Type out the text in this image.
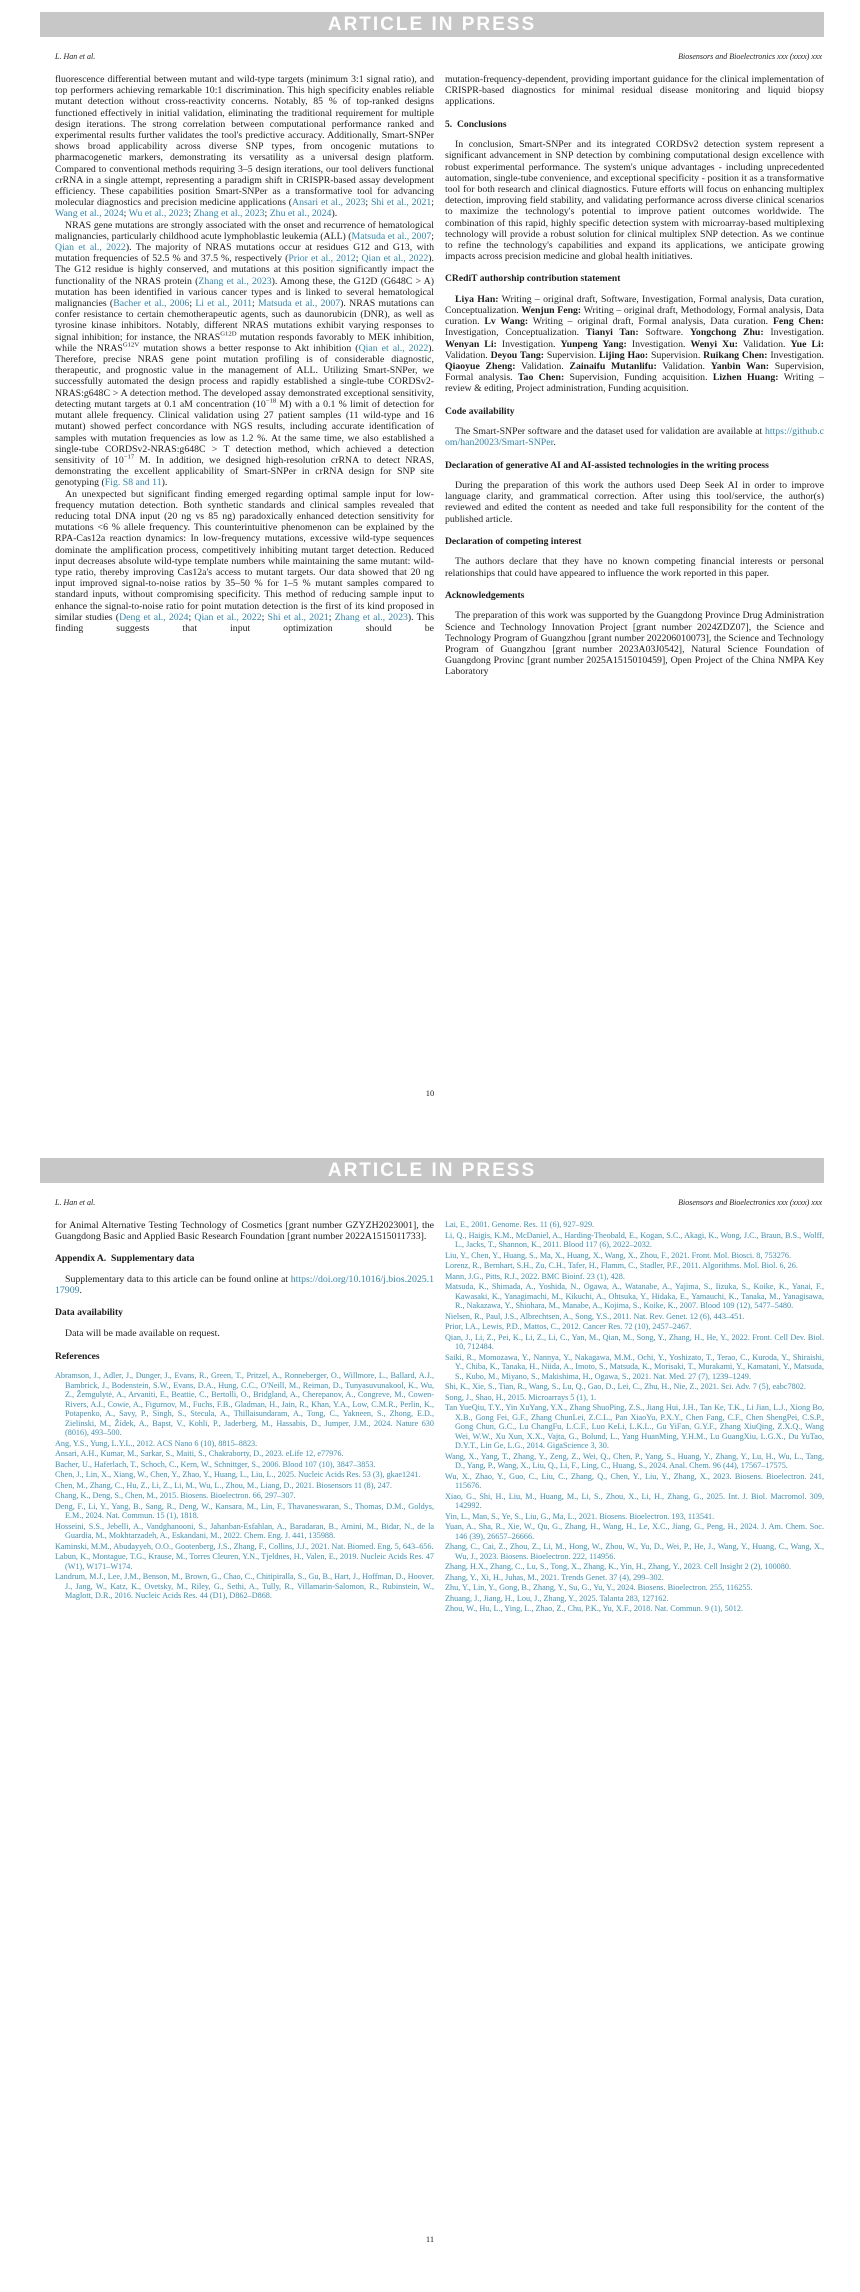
ARTICLE IN PRESS
L. Han et al.	Biosensors and Bioelectronics xxx (xxxx) xxx

fluorescence differential between mutant and wild-type targets (minimum 3:1 signal ratio), and top performers achieving remarkable 10:1 discrimination. This high specificity enables reliable mutant detection without cross-reactivity concerns. Notably, 85 % of top-ranked designs functioned effectively in initial validation, eliminating the traditional requirement for multiple design iterations. The strong correlation between computational performance ranked and experimental results further validates the tool's predictive accuracy. Additionally, Smart-SNPer shows broad applicability across diverse SNP types, from oncogenic mutations to pharmacogenetic markers, demonstrating its versatility as a universal design platform. Compared to conventional methods requiring 3–5 design iterations, our tool delivers functional crRNA in a single attempt, representing a paradigm shift in CRISPR-based assay development efficiency. These capabilities position Smart-SNPer as a transformative tool for advancing molecular diagnostics and precision medicine applications (Ansari et al., 2023; Shi et al., 2021; Wang et al., 2024; Wu et al., 2023; Zhang et al., 2023; Zhu et al., 2024).

NRAS gene mutations are strongly associated with the onset and recurrence of hematological malignancies, particularly childhood acute lymphoblastic leukemia (ALL) (Matsuda et al., 2007; Qian et al., 2022). The majority of NRAS mutations occur at residues G12 and G13, with mutation frequencies of 52.5 % and 37.5 %, respectively (Prior et al., 2012; Qian et al., 2022). The G12 residue is highly conserved, and mutations at this position significantly impact the functionality of the NRAS protein (Zhang et al., 2023). Among these, the G12D (G648C > A) mutation has been identified in various cancer types and is linked to several hematological malignancies (Bacher et al., 2006; Li et al., 2011; Matsuda et al., 2007). NRAS mutations can confer resistance to certain chemotherapeutic agents, such as daunorubicin (DNR), as well as tyrosine kinase inhibitors. Notably, different NRAS mutations exhibit varying responses to signal inhibition; for instance, the $NRAS^{G12D}$ mutation responds favorably to MEK inhibition, while the $NRAS^{G12V}$ mutation shows a better response to Akt inhibition (Qian et al., 2022). Therefore, precise NRAS gene point mutation profiling is of considerable diagnostic, therapeutic, and prognostic value in the management of ALL. Utilizing Smart-SNPer, we successfully automated the design process and rapidly established a single-tube CORDSv2-NRAS:g648C > A detection method. The developed assay demonstrated exceptional sensitivity, detecting mutant targets at 0.1 aM concentration ($10^{-18}$ M) with a 0.1 % limit of detection for mutant allele frequency. Clinical validation using 27 patient samples (11 wild-type and 16 mutant) showed perfect concordance with NGS results, including accurate identification of samples with mutation frequencies as low as 1.2 %. At the same time, we also established a single-tube CORDSv2-NRAS:g648C > T detection method, which achieved a detection sensitivity of $10^{-17}$ M. In addition, we designed high-resolution crRNA to detect NRAS, demonstrating the excellent applicability of Smart-SNPer in crRNA design for SNP site genotyping (Fig. S8 and 11).

An unexpected but significant finding emerged regarding optimal sample input for low-frequency mutation detection. Both synthetic standards and clinical samples revealed that reducing total DNA input (20 ng vs 85 ng) paradoxically enhanced detection sensitivity for mutations <6 % allele frequency. This counterintuitive phenomenon can be explained by the RPA-Cas12a reaction dynamics: In low-frequency mutations, excessive wild-type sequences dominate the amplification process, competitively inhibiting mutant target detection. Reduced input decreases absolute wild-type template numbers while maintaining the same mutant: wild-type ratio, thereby improving Cas12a's access to mutant targets. Our data showed that 20 ng input improved signal-to-noise ratios by 35–50 % for 1–5 % mutant samples compared to standard inputs, without compromising specificity. This method of reducing sample input to enhance the signal-to-noise ratio for point mutation detection is the first of its kind proposed in similar studies (Deng et al., 2024; Qian et al., 2022; Shi et al., 2021; Zhang et al., 2023). This finding suggests that input optimization should be

mutation-frequency-dependent, providing important guidance for the clinical implementation of CRISPR-based diagnostics for minimal residual disease monitoring and liquid biopsy applications.

5.  Conclusions

In conclusion, Smart-SNPer and its integrated CORDSv2 detection system represent a significant advancement in SNP detection by combining computational design excellence with robust experimental performance. The system's unique advantages - including unprecedented automation, single-tube convenience, and exceptional specificity - position it as a transformative tool for both research and clinical diagnostics. Future efforts will focus on enhancing multiplex detection, improving field stability, and validating performance across diverse clinical scenarios to maximize the technology's potential to improve patient outcomes worldwide. The combination of this rapid, highly specific detection system with microarray-based multiplexing technology will provide a robust solution for clinical multiplex SNP detection. As we continue to refine the technology's capabilities and expand its applications, we anticipate growing impacts across precision medicine and global health initiatives.

CRediT authorship contribution statement

Liya Han: Writing – original draft, Software, Investigation, Formal analysis, Data curation, Conceptualization. Wenjun Feng: Writing – original draft, Methodology, Formal analysis, Data curation. Lv Wang: Writing – original draft, Formal analysis, Data curation. Feng Chen: Investigation, Conceptualization. Tianyi Tan: Software. Yongchong Zhu: Investigation. Wenyan Li: Investigation. Yunpeng Yang: Investigation. Wenyi Xu: Validation. Yue Li: Validation. Deyou Tang: Supervision. Lijing Hao: Supervision. Ruikang Chen: Investigation. Qiaoyue Zheng: Validation. Zainaifu Mutanlifu: Validation. Yanbin Wan: Supervision, Formal analysis. Tao Chen: Supervision, Funding acquisition. Lizhen Huang: Writing – review & editing, Project administration, Funding acquisition.

Code availability

The Smart-SNPer software and the dataset used for validation are available at https://github.com/han20023/Smart-SNPer.

Declaration of generative AI and AI-assisted technologies in the writing process

During the preparation of this work the authors used Deep Seek AI in order to improve language clarity, and grammatical correction. After using this tool/service, the author(s) reviewed and edited the content as needed and take full responsibility for the content of the published article.

Declaration of competing interest

The authors declare that they have no known competing financial interests or personal relationships that could have appeared to influence the work reported in this paper.

Acknowledgements

The preparation of this work was supported by the Guangdong Province Drug Administration Science and Technology Innovation Project [grant number 2024ZDZ07], the Science and Technology Program of Guangzhou [grant number 202206010073], the Science and Technology Program of Guangzhou [grant number 2023A03J0542], Natural Science Foundation of Guangdong Provinc [grant number 2025A1515010459], Open Project of the China NMPA Key Laboratory

10
ARTICLE IN PRESS
L. Han et al.	Biosensors and Bioelectronics xxx (xxxx) xxx

for Animal Alternative Testing Technology of Cosmetics [grant number GZYZH2023001], the Guangdong Basic and Applied Basic Research Foundation [grant number 2022A1515011733].

Appendix A.  Supplementary data

Supplementary data to this article can be found online at https://doi.org/10.1016/j.bios.2025.117909.

Data availability

Data will be made available on request.

References
Abramson, J., Adler, J., Dunger, J., Evans, R., Green, T., Pritzel, A., Ronneberger, O., Willmore, L., Ballard, A.J., Bambrick, J., Bodenstein, S.W., Evans, D.A., Hung, C.C., O'Neill, M., Reiman, D., Tunyasuvunakool, K., Wu, Z., Žemgulytė, A., Arvaniti, E., Beattie, C., Bertolli, O., Bridgland, A., Cherepanov, A., Congreve, M., Cowen-Rivers, A.I., Cowie, A., Figurnov, M., Fuchs, F.B., Gladman, H., Jain, R., Khan, Y.A., Low, C.M.R., Perlin, K., Potapenko, A., Savy, P., Singh, S., Stecula, A., Thillaisundaram, A., Tong, C., Yakneen, S., Zhong, E.D., Zielinski, M., Žídek, A., Bapst, V., Kohli, P., Jaderberg, M., Hassabis, D., Jumper, J.M., 2024. Nature 630 (8016), 493–500.
Ang, Y.S., Yung, L.Y.L., 2012. ACS Nano 6 (10), 8815–8823.
Ansari, A.H., Kumar, M., Sarkar, S., Maiti, S., Chakraborty, D., 2023. eLife 12, e77976.
Bacher, U., Haferlach, T., Schoch, C., Kern, W., Schnittger, S., 2006. Blood 107 (10), 3847–3853.
Chen, J., Lin, X., Xiang, W., Chen, Y., Zhao, Y., Huang, L., Liu, L., 2025. Nucleic Acids Res. 53 (3), gkae1241.
Chen, M., Zhang, C., Hu, Z., Li, Z., Li, M., Wu, L., Zhou, M., Liang, D., 2021. Biosensors 11 (8), 247.
Chang, K., Deng, S., Chen, M., 2015. Biosens. Bioelectron. 66, 297–307.
Deng, F., Li, Y., Yang, B., Sang, R., Deng, W., Kansara, M., Lin, F., Thavaneswaran, S., Thomas, D.M., Goldys, E.M., 2024. Nat. Commun. 15 (1), 1818.
Hosseini, S.S., Jebelli, A., Vandghanooni, S., Jahanban-Esfahlan, A., Baradaran, B., Amini, M., Bidar, N., de la Guardia, M., Mokhtarzadeh, A., Eskandani, M., 2022. Chem. Eng. J. 441, 135988.
Kaminski, M.M., Abudayyeh, O.O., Gootenberg, J.S., Zhang, F., Collins, J.J., 2021. Nat. Biomed. Eng. 5, 643–656.
Labun, K., Montague, T.G., Krause, M., Torres Cleuren, Y.N., Tjeldnes, H., Valen, E., 2019. Nucleic Acids Res. 47 (W1), W171–W174.
Landrum, M.J., Lee, J.M., Benson, M., Brown, G., Chao, C., Chitipiralla, S., Gu, B., Hart, J., Hoffman, D., Hoover, J., Jang, W., Katz, K., Ovetsky, M., Riley, G., Sethi, A., Tully, R., Villamarin-Salomon, R., Rubinstein, W., Maglott, D.R., 2016. Nucleic Acids Res. 44 (D1), D862–D868.
Lai, E., 2001. Genome. Res. 11 (6), 927–929.
Li, Q., Haigis, K.M., McDaniel, A., Harding-Theobald, E., Kogan, S.C., Akagi, K., Wong, J.C., Braun, B.S., Wolff, L., Jacks, T., Shannon, K., 2011. Blood 117 (6), 2022–2032.
Liu, Y., Chen, Y., Huang, S., Ma, X., Huang, X., Wang, X., Zhou, F., 2021. Front. Mol. Biosci. 8, 753276.
Lorenz, R., Bernhart, S.H., Zu, C.H., Tafer, H., Flamm, C., Stadler, P.F., 2011. Algorithms. Mol. Biol. 6, 26.
Mann, J.G., Pitts, R.J., 2022. BMC Bioinf. 23 (1), 428.
Matsuda, K., Shimada, A., Yoshida, N., Ogawa, A., Watanabe, A., Yajima, S., Iizuka, S., Koike, K., Yanai, F., Kawasaki, K., Yanagimachi, M., Kikuchi, A., Ohtsuka, Y., Hidaka, E., Yamauchi, K., Tanaka, M., Yanagisawa, R., Nakazawa, Y., Shiohara, M., Manabe, A., Kojima, S., Koike, K., 2007. Blood 109 (12), 5477–5480.
Nielsen, R., Paul, J.S., Albrechtsen, A., Song, Y.S., 2011. Nat. Rev. Genet. 12 (6), 443–451.
Prior, I.A., Lewis, P.D., Mattos, C., 2012. Cancer Res. 72 (10), 2457–2467.
Qian, J., Li, Z., Pei, K., Li, Z., Li, C., Yan, M., Qian, M., Song, Y., Zhang, H., He, Y., 2022. Front. Cell Dev. Biol. 10, 712484.
Saiki, R., Momozawa, Y., Nannya, Y., Nakagawa, M.M., Ochi, Y., Yoshizato, T., Terao, C., Kuroda, Y., Shiraishi, Y., Chiba, K., Tanaka, H., Niida, A., Imoto, S., Matsuda, K., Morisaki, T., Murakami, Y., Kamatani, Y., Matsuda, S., Kubo, M., Miyano, S., Makishima, H., Ogawa, S., 2021. Nat. Med. 27 (7), 1239–1249.
Shi, K., Xie, S., Tian, R., Wang, S., Lu, Q., Gao, D., Lei, C., Zhu, H., Nie, Z., 2021. Sci. Adv. 7 (5), eabc7802.
Song, J., Shao, H., 2015. Microarrays 5 (1), 1.
Tan YueQiu, T.Y., Yin XuYang, Y.X., Zhang ShuoPing, Z.S., Jiang Hui, J.H., Tan Ke, T.K., Li Jian, L.J., Xiong Bo, X.B., Gong Fei, G.F., Zhang ChunLei, Z.C.L., Pan XiaoYu, P.X.Y., Chen Fang, C.F., Chen ShengPei, C.S.P., Gong Chun, G.C., Lu ChangFu, L.C.F., Luo KeLi, L.K.L., Gu YiFan, G.Y.F., Zhang XiuQing, Z.X.Q., Wang Wei, W.W., Xu Xun, X.X., Vajta, G., Bolund, L., Yang HuanMing, Y.H.M., Lu GuangXiu, L.G.X., Du YuTao, D.Y.T., Lin Ge, L.G., 2014. GigaScience 3, 30.
Wang, X., Yang, T., Zhang, Y., Zeng, Z., Wei, Q., Chen, P., Yang, S., Huang, Y., Zhang, Y., Lu, H., Wu, L., Tang, D., Yang, P., Wang, X., Liu, Q., Li, F., Ling, C., Huang, S., 2024. Anal. Chem. 96 (44), 17567–17575.
Wu, X., Zhao, Y., Guo, C., Liu, C., Zhang, Q., Chen, Y., Liu, Y., Zhang, X., 2023. Biosens. Bioelectron. 241, 115676.
Xiao, G., Shi, H., Liu, M., Huang, M., Li, S., Zhou, X., Li, H., Zhang, G., 2025. Int. J. Biol. Macromol. 309, 142992.
Yin, L., Man, S., Ye, S., Liu, G., Ma, L., 2021. Biosens. Bioelectron. 193, 113541.
Yuan, A., Sha, R., Xie, W., Qu, G., Zhang, H., Wang, H., Le, X.C., Jiang, G., Peng, H., 2024. J. Am. Chem. Soc. 146 (39), 26657–26666.
Zhang, C., Cai, Z., Zhou, Z., Li, M., Hong, W., Zhou, W., Yu, D., Wei, P., He, J., Wang, Y., Huang, C., Wang, X., Wu, J., 2023. Biosens. Bioelectron. 222, 114956.
Zhang, H.X., Zhang, C., Lu, S., Tong, X., Zhang, K., Yin, H., Zhang, Y., 2023. Cell Insight 2 (2), 100080.
Zhang, Y., Xi, H., Juhas, M., 2021. Trends Genet. 37 (4), 299–302.
Zhu, Y., Lin, Y., Gong, B., Zhang, Y., Su, G., Yu, Y., 2024. Biosens. Bioelectron. 255, 116255.
Zhuang, J., Jiang, H., Lou, J., Zhang, Y., 2025. Talanta 283, 127162.
Zhou, W., Hu, L., Ying, L., Zhao, Z., Chu, P.K., Yu, X.F., 2018. Nat. Commun. 9 (1), 5012.
11
